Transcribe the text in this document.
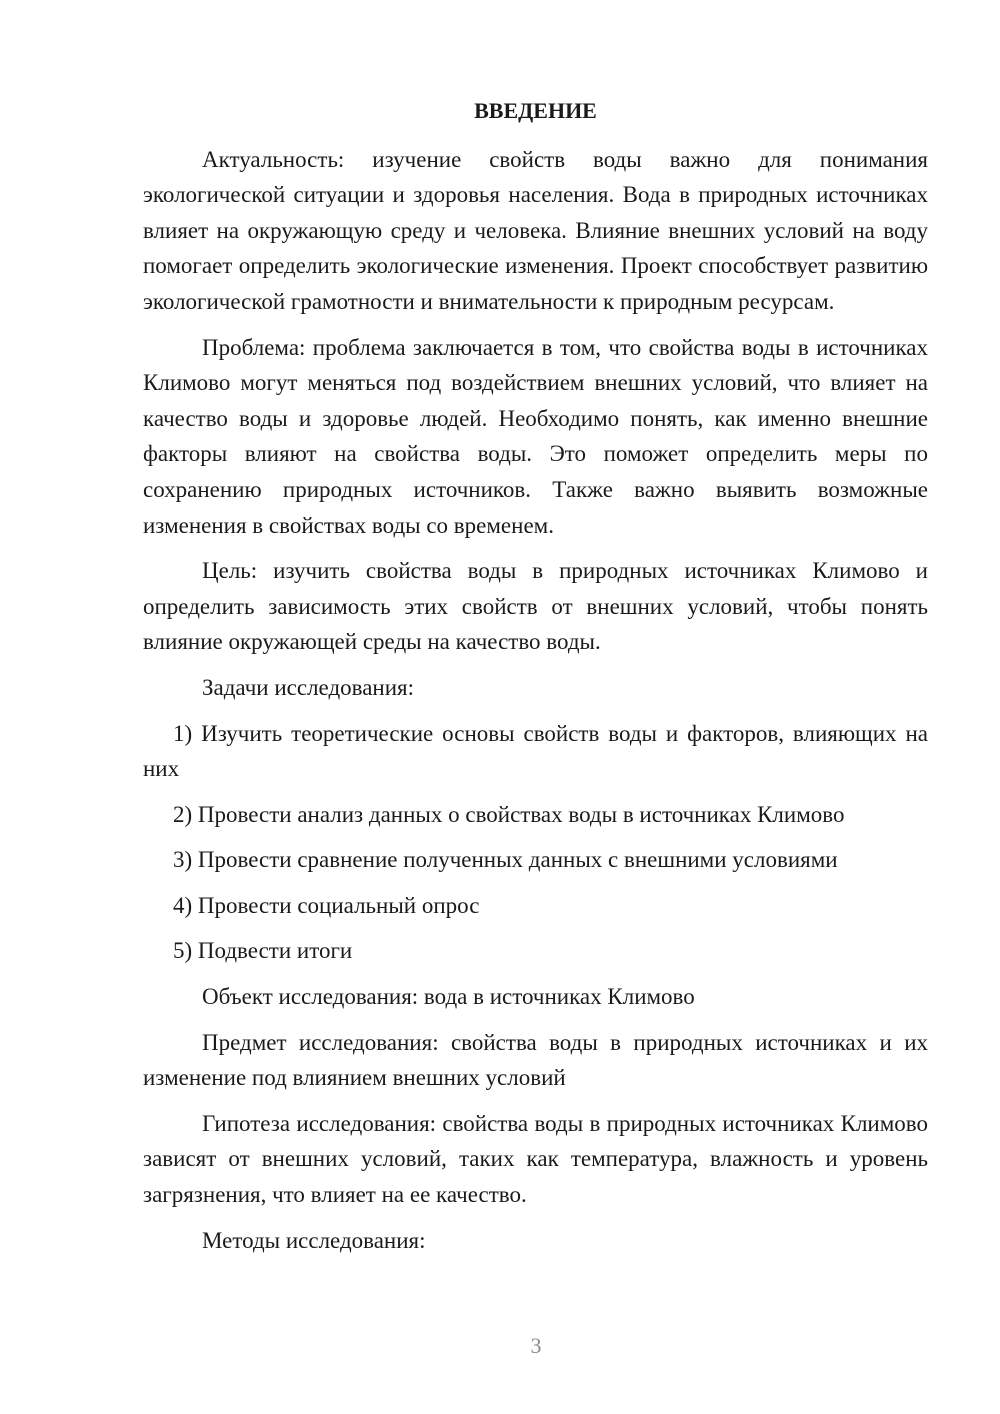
ВВЕДЕНИЕ

Актуальность: изучение свойств воды важно для понимания экологической ситуации и здоровья населения. Вода в природных источниках влияет на окружающую среду и человека. Влияние внешних условий на воду помогает определить экологические изменения. Проект способствует развитию экологической грамотности и внимательности к природным ресурсам.

Проблема: проблема заключается в том, что свойства воды в источниках Климово могут меняться под воздействием внешних условий, что влияет на качество воды и здоровье людей. Необходимо понять, как именно внешние факторы влияют на свойства воды. Это поможет определить меры по сохранению природных источников. Также важно выявить возможные изменения в свойствах воды со временем.

Цель: изучить свойства воды в природных источниках Климово и определить зависимость этих свойств от внешних условий, чтобы понять влияние окружающей среды на качество воды.

Задачи исследования:

1) Изучить теоретические основы свойств воды и факторов, влияющих на них

2) Провести анализ данных о свойствах воды в источниках Климово

3) Провести сравнение полученных данных с внешними условиями

4) Провести социальный опрос

5) Подвести итоги

Объект исследования: вода в источниках Климово

Предмет исследования: свойства воды в природных источниках и их изменение под влиянием внешних условий

Гипотеза исследования: свойства воды в природных источниках Климово зависят от внешних условий, таких как температура, влажность и уровень загрязнения, что влияет на ее качество.

Методы исследования:

3
